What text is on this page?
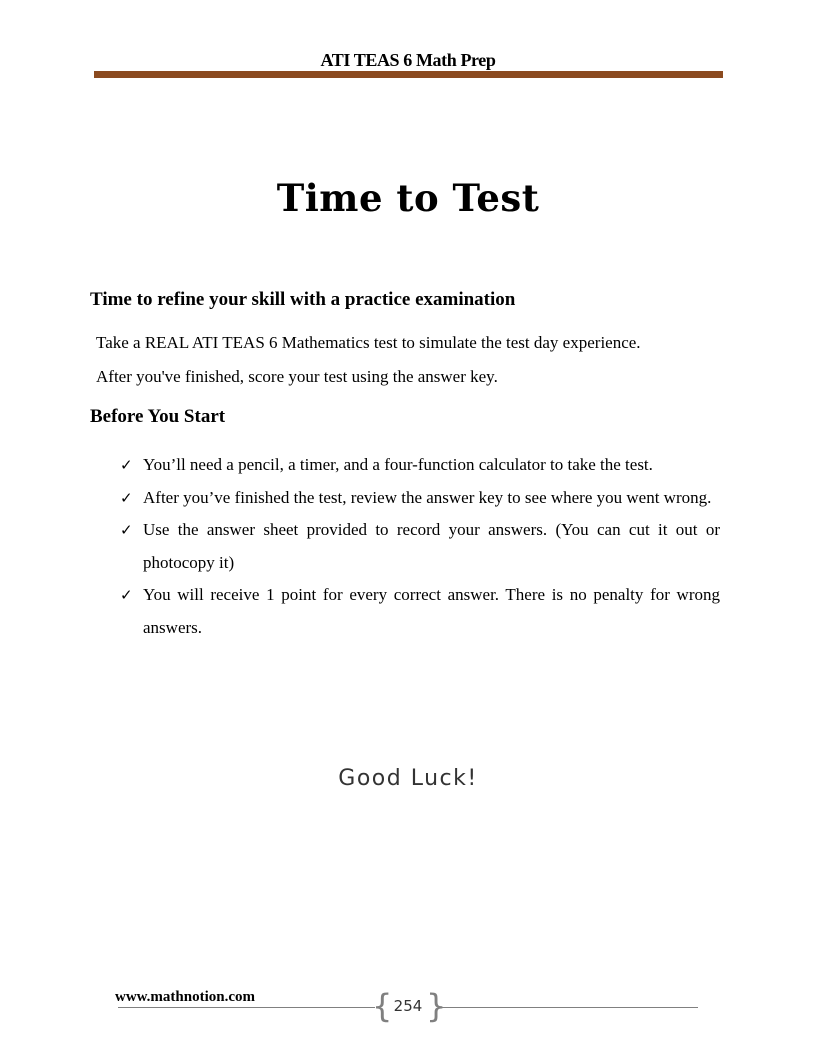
ATI TEAS 6 Math Prep
Time to Test
Time to refine your skill with a practice examination
Take a REAL ATI TEAS 6 Mathematics test to simulate the test day experience.
After you've finished, score your test using the answer key.
Before You Start
✓ You’ll need a pencil, a timer, and a four-function calculator to take the test.
✓ After you’ve finished the test, review the answer key to see where you went wrong.
✓ Use the answer sheet provided to record your answers. (You can cut it out or photocopy it)
✓ You will receive 1 point for every correct answer. There is no penalty for wrong answers.
Good Luck!
www.mathnotion.com	{ }
254
